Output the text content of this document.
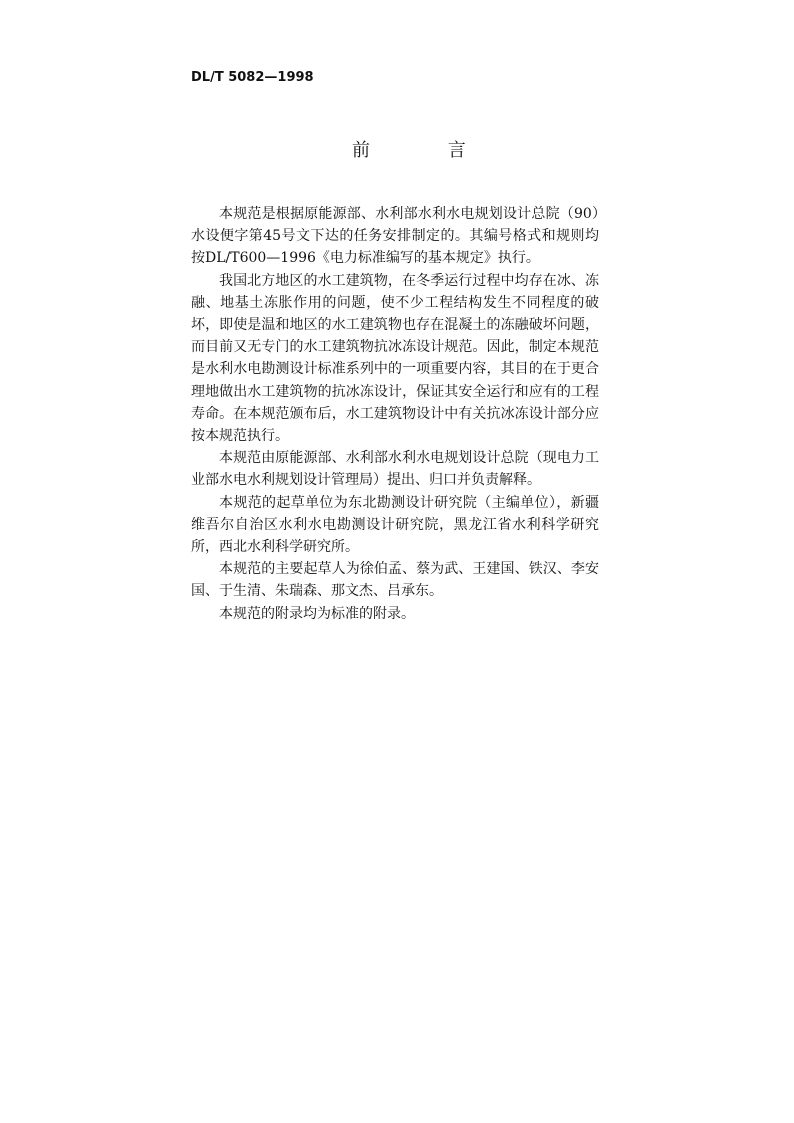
DL/T 5082—1998
前 言

本规范是根据原能源部、水利部水利水电规划设计总院（90）水设便字第45号文下达的任务安排制定的。其编号格式和规则均按DL/T600—1996《电力标准编写的基本规定》执行。

我国北方地区的水工建筑物，在冬季运行过程中均存在冰、冻融、地基土冻胀作用的问题，使不少工程结构发生不同程度的破坏，即使是温和地区的水工建筑物也存在混凝土的冻融破坏问题，而目前又无专门的水工建筑物抗冰冻设计规范。因此，制定本规范是水利水电勘测设计标准系列中的一项重要内容，其目的在于更合理地做出水工建筑物的抗冰冻设计，保证其安全运行和应有的工程寿命。在本规范颁布后，水工建筑物设计中有关抗冰冻设计部分应按本规范执行。

本规范由原能源部、水利部水利水电规划设计总院（现电力工业部水电水利规划设计管理局）提出、归口并负责解释。

本规范的起草单位为东北勘测设计研究院（主编单位），新疆维吾尔自治区水利水电勘测设计研究院，黑龙江省水利科学研究所，西北水利科学研究所。

本规范的主要起草人为徐伯孟、蔡为武、王建国、铁汉、李安国、于生清、朱瑞森、那文杰、吕承东。

本规范的附录均为标准的附录。
